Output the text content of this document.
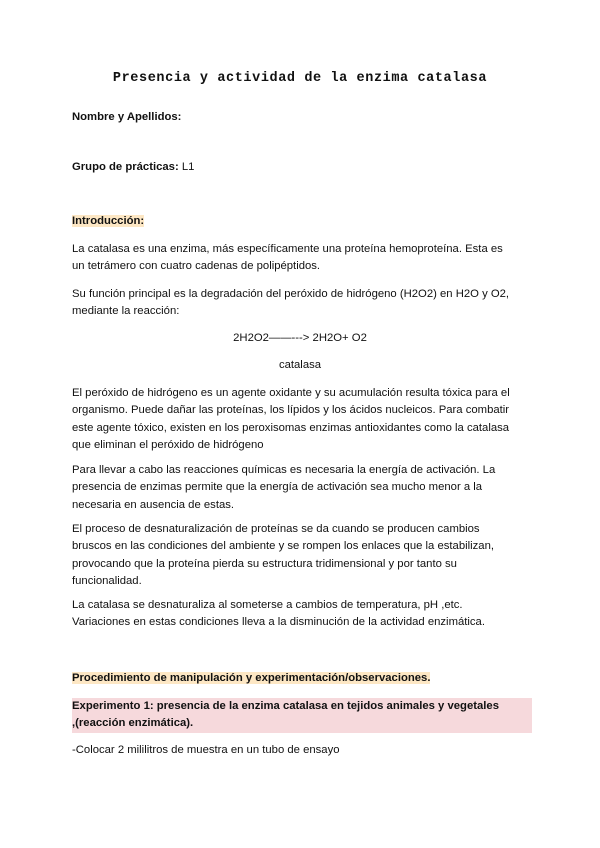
Presencia y actividad de la enzima catalasa
Nombre y Apellidos:
Grupo de prácticas: L1
Introducción:
La catalasa es una enzima, más específicamente una proteína hemoproteína. Esta es
un tetrámero con cuatro cadenas de polipéptidos.
Su función principal es la degradación del peróxido de hidrógeno (H2O2) en H2O y O2,
mediante la reacción:
2H2O2——---> 2H2O+ O2
catalasa
El peróxido de hidrógeno es un agente oxidante y su acumulación resulta tóxica para el
organismo. Puede dañar las proteínas, los lípidos y los ácidos nucleicos. Para combatir
este agente tóxico, existen en los peroxisomas enzimas antioxidantes como la catalasa
que eliminan el peróxido de hidrógeno
Para llevar a cabo las reacciones químicas es necesaria la energía de activación. La
presencia de enzimas permite que la energía de activación sea mucho menor a la
necesaria en ausencia de estas.
El proceso de desnaturalización de proteínas se da cuando se producen cambios
bruscos en las condiciones del ambiente y se rompen los enlaces que la estabilizan,
provocando que la proteína pierda su estructura tridimensional y por tanto su
funcionalidad.
La catalasa se desnaturaliza al someterse a cambios de temperatura, pH ,etc.
Variaciones en estas condiciones lleva a la disminución de la actividad enzimática.
Procedimiento de manipulación y experimentación/observaciones.
Experimento 1: presencia de la enzima catalasa en tejidos animales y vegetales
,(reacción enzimática).
-Colocar 2 mililitros de muestra en un tubo de ensayo
